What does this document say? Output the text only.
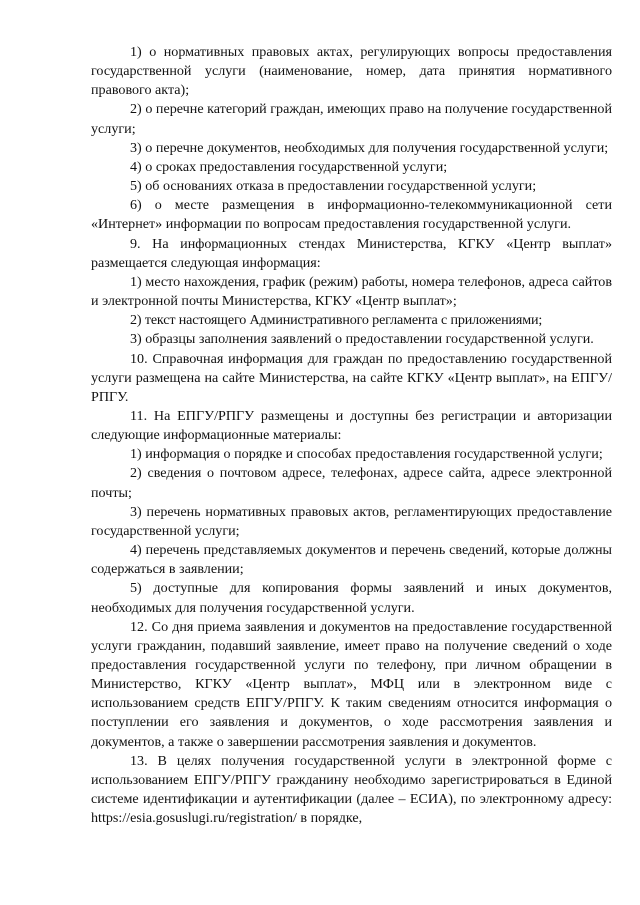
1) о нормативных правовых актах, регулирующих вопросы предоставления государственной услуги (наименование, номер, дата принятия нормативного правового акта);

2) о перечне категорий граждан, имеющих право на получение государственной услуги;

3) о перечне документов, необходимых для получения государственной услуги;

4) о сроках предоставления государственной услуги;

5) об основаниях отказа в предоставлении государственной услуги;

6) о месте размещения в информационно-телекоммуникационной сети «Интернет» информации по вопросам предоставления государственной услуги.

9. На информационных стендах Министерства, КГКУ «Центр выплат» размещается следующая информация:

1) место нахождения, график (режим) работы, номера телефонов, адреса сайтов и электронной почты Министерства, КГКУ «Центр выплат»;

2) текст настоящего Административного регламента с приложениями;

3) образцы заполнения заявлений о предоставлении государственной услуги.

10. Справочная информация для граждан по предоставлению государственной услуги размещена на сайте Министерства, на сайте КГКУ «Центр выплат», на ЕПГУ/РПГУ.

11. На ЕПГУ/РПГУ размещены и доступны без регистрации и авторизации следующие информационные материалы:

1) информация о порядке и способах предоставления государственной услуги;

2) сведения о почтовом адресе, телефонах, адресе сайта, адресе электронной почты;

3) перечень нормативных правовых актов, регламентирующих предоставление государственной услуги;

4) перечень представляемых документов и перечень сведений, которые должны содержаться в заявлении;

5) доступные для копирования формы заявлений и иных документов, необходимых для получения государственной услуги.

12. Со дня приема заявления и документов на предоставление государственной услуги гражданин, подавший заявление, имеет право на получение сведений о ходе предоставления государственной услуги по телефону, при личном обращении в Министерство, КГКУ «Центр выплат», МФЦ или в электронном виде с использованием средств ЕПГУ/РПГУ. К таким сведениям относится информация о поступлении его заявления и документов, о ходе рассмотрения заявления и документов, а также о завершении рассмотрения заявления и документов.

13. В целях получения государственной услуги в электронной форме с использованием ЕПГУ/РПГУ гражданину необходимо зарегистрироваться в Единой системе идентификации и аутентификации (далее – ЕСИА), по электронному адресу: https://esia.gosuslugi.ru/registration/ в порядке,
